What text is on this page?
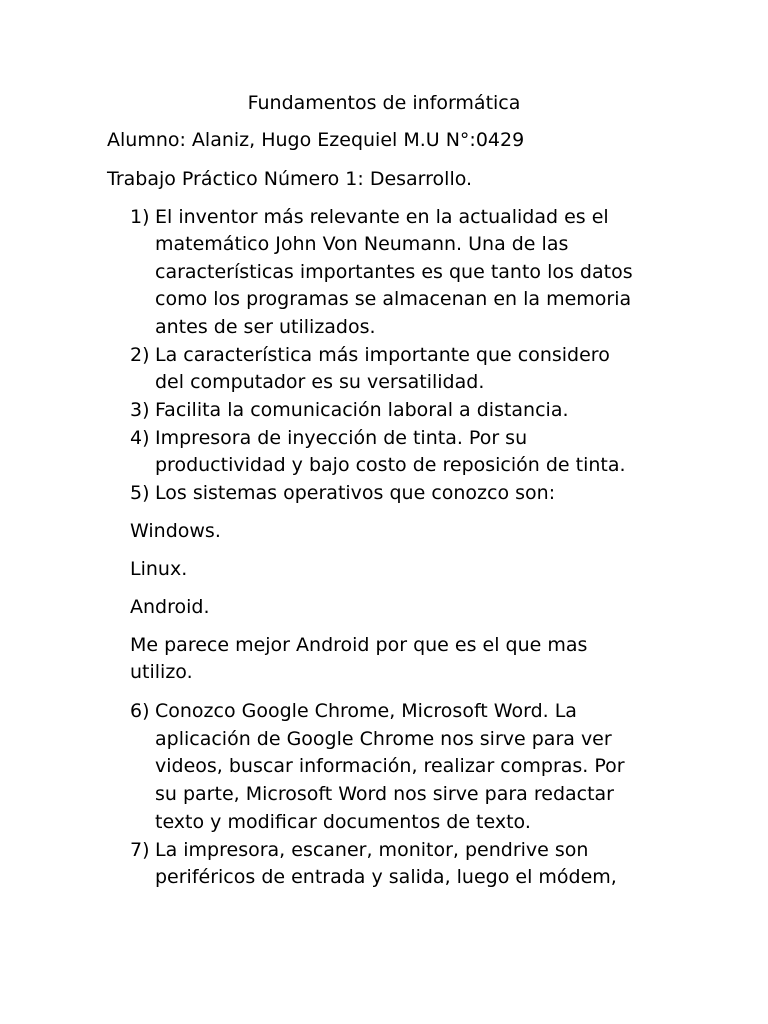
Fundamentos de informática
Alumno: Alaniz, Hugo Ezequiel M.U N°:0429
Trabajo Práctico Número 1: Desarrollo.
1) El inventor más relevante en la actualidad es el
matemático John Von Neumann. Una de las
características importantes es que tanto los datos
como los programas se almacenan en la memoria
antes de ser utilizados.
2) La característica más importante que considero
del computador es su versatilidad.
3) Facilita la comunicación laboral a distancia.
4) Impresora de inyección de tinta. Por su
productividad y bajo costo de reposición de tinta.
5) Los sistemas operativos que conozco son:
Windows.
Linux.
Android.
Me parece mejor Android por que es el que mas
utilizo.
6) Conozco Google Chrome, Microsoft Word. La
aplicación de Google Chrome nos sirve para ver
videos, buscar información, realizar compras. Por
su parte, Microsoft Word nos sirve para redactar
texto y modificar documentos de texto.
7) La impresora, escaner, monitor, pendrive son
periféricos de entrada y salida, luego el módem,
